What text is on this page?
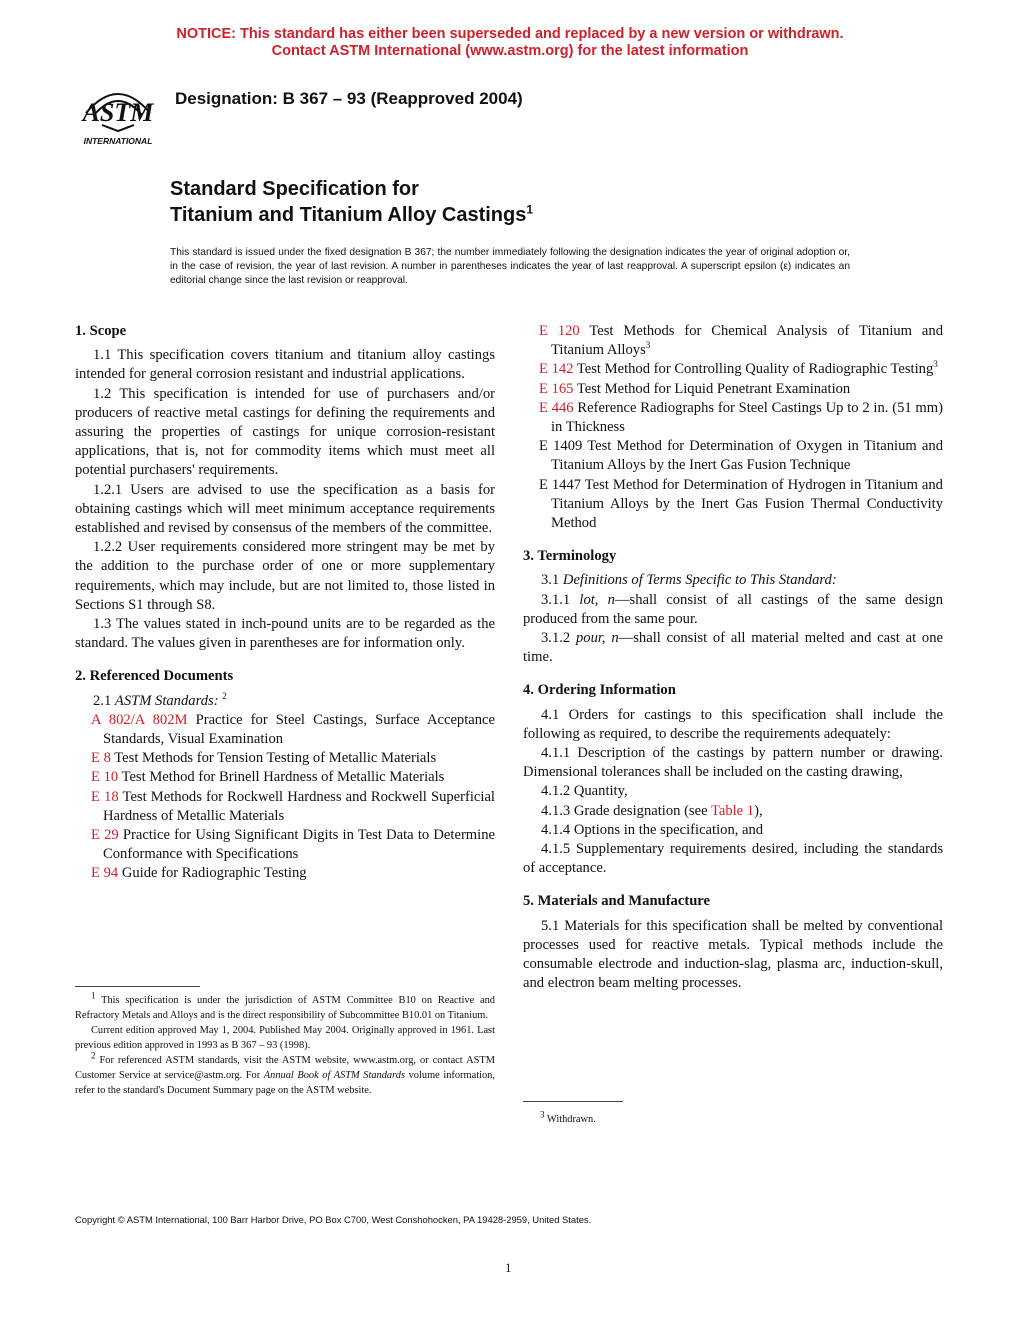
NOTICE: This standard has either been superseded and replaced by a new version or withdrawn.
Contact ASTM International (www.astm.org) for the latest information
ASTM
INTERNATIONAL
Designation: B 367 – 93 (Reapproved 2004)
Standard Specification for
Titanium and Titanium Alloy Castings$^1$
This standard is issued under the fixed designation B 367; the number immediately following the designation indicates the year of original adoption or, in the case of revision, the year of last revision. A number in parentheses indicates the year of last reapproval. A superscript epsilon (ε) indicates an editorial change since the last revision or reapproval.
1. Scope

1.1 This specification covers titanium and titanium alloy castings intended for general corrosion resistant and industrial applications.

1.2 This specification is intended for use of purchasers and/or producers of reactive metal castings for defining the requirements and assuring the properties of castings for unique corrosion-resistant applications, that is, not for commodity items which must meet all potential purchasers' requirements.

1.2.1 Users are advised to use the specification as a basis for obtaining castings which will meet minimum acceptance requirements established and revised by consensus of the members of the committee.

1.2.2 User requirements considered more stringent may be met by the addition to the purchase order of one or more supplementary requirements, which may include, but are not limited to, those listed in Sections S1 through S8.

1.3 The values stated in inch-pound units are to be regarded as the standard. The values given in parentheses are for information only.

2. Referenced Documents

2.1 ASTM Standards: $^2$

A 802/A 802M Practice for Steel Castings, Surface Acceptance Standards, Visual Examination

E 8 Test Methods for Tension Testing of Metallic Materials

E 10 Test Method for Brinell Hardness of Metallic Materials

E 18 Test Methods for Rockwell Hardness and Rockwell Superficial Hardness of Metallic Materials

E 29 Practice for Using Significant Digits in Test Data to Determine Conformance with Specifications

E 94 Guide for Radiographic Testing

E 120 Test Methods for Chemical Analysis of Titanium and Titanium Alloys$^3$

E 142 Test Method for Controlling Quality of Radiographic Testing$^3$

E 165 Test Method for Liquid Penetrant Examination

E 446 Reference Radiographs for Steel Castings Up to 2 in. (51 mm) in Thickness

E 1409 Test Method for Determination of Oxygen in Titanium and Titanium Alloys by the Inert Gas Fusion Technique

E 1447 Test Method for Determination of Hydrogen in Titanium and Titanium Alloys by the Inert Gas Fusion Thermal Conductivity Method

3. Terminology

3.1 Definitions of Terms Specific to This Standard:

3.1.1 lot, n—shall consist of all castings of the same design produced from the same pour.

3.1.2 pour, n—shall consist of all material melted and cast at one time.

4. Ordering Information

4.1 Orders for castings to this specification shall include the following as required, to describe the requirements adequately:

4.1.1 Description of the castings by pattern number or drawing. Dimensional tolerances shall be included on the casting drawing,

4.1.2 Quantity,

4.1.3 Grade designation (see Table 1),

4.1.4 Options in the specification, and

4.1.5 Supplementary requirements desired, including the standards of acceptance.

5. Materials and Manufacture

5.1 Materials for this specification shall be melted by conventional processes used for reactive metals. Typical methods include the consumable electrode and induction-slag, plasma arc, induction-skull, and electron beam melting processes.

$^1$ This specification is under the jurisdiction of ASTM Committee B10 on Reactive and Refractory Metals and Alloys and is the direct responsibility of Subcommittee B10.01 on Titanium.

Current edition approved May 1, 2004. Published May 2004. Originally approved in 1961. Last previous edition approved in 1993 as B 367 – 93 (1998).

$^2$ For referenced ASTM standards, visit the ASTM website, www.astm.org, or contact ASTM Customer Service at service@astm.org. For Annual Book of ASTM Standards volume information, refer to the standard's Document Summary page on the ASTM website.

$^3$ Withdrawn.
Copyright © ASTM International, 100 Barr Harbor Drive, PO Box C700, West Conshohocken, PA 19428-2959, United States.
1
